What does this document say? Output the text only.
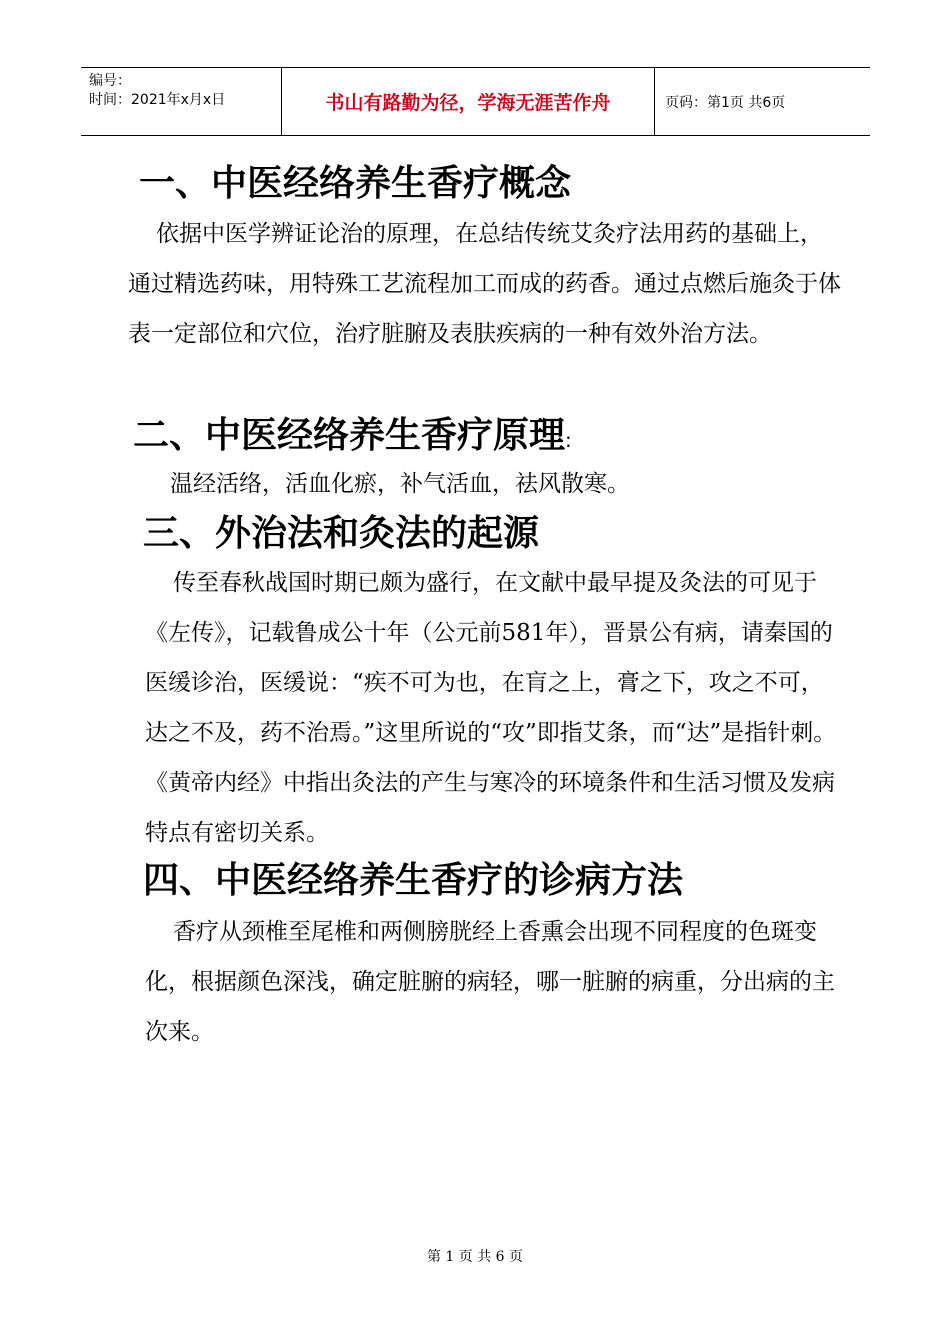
编号：
时间：2021年x月x日	书山有路勤为径，学海无涯苦作舟	页码：第1页 共6页
一、中医经络养生香疗概念

依据中医学辨证论治的原理，在总结传统艾灸疗法用药的基础上，通过精选药味，用特殊工艺流程加工而成的药香。通过点燃后施灸于体表一定部位和穴位，治疗脏腑及表肤疾病的一种有效外治方法。

二、中医经络养生香疗原理:

温经活络，活血化瘀，补气活血，祛风散寒。

三、外治法和灸法的起源

传至春秋战国时期已颇为盛行，在文献中最早提及灸法的可见于《左传》，记载鲁成公十年（公元前581年），晋景公有病，请秦国的医缓诊治，医缓说：“疾不可为也，在肓之上，膏之下，攻之不可，达之不及，药不治焉。”这里所说的“攻”即指艾条，而“达”是指针刺。《黄帝内经》中指出灸法的产生与寒冷的环境条件和生活习惯及发病特点有密切关系。

四、中医经络养生香疗的诊病方法

香疗从颈椎至尾椎和两侧膀胱经上香熏会出现不同程度的色斑变化，根据颜色深浅，确定脏腑的病轻，哪一脏腑的病重，分出病的主次来。

第 1 页 共 6 页
